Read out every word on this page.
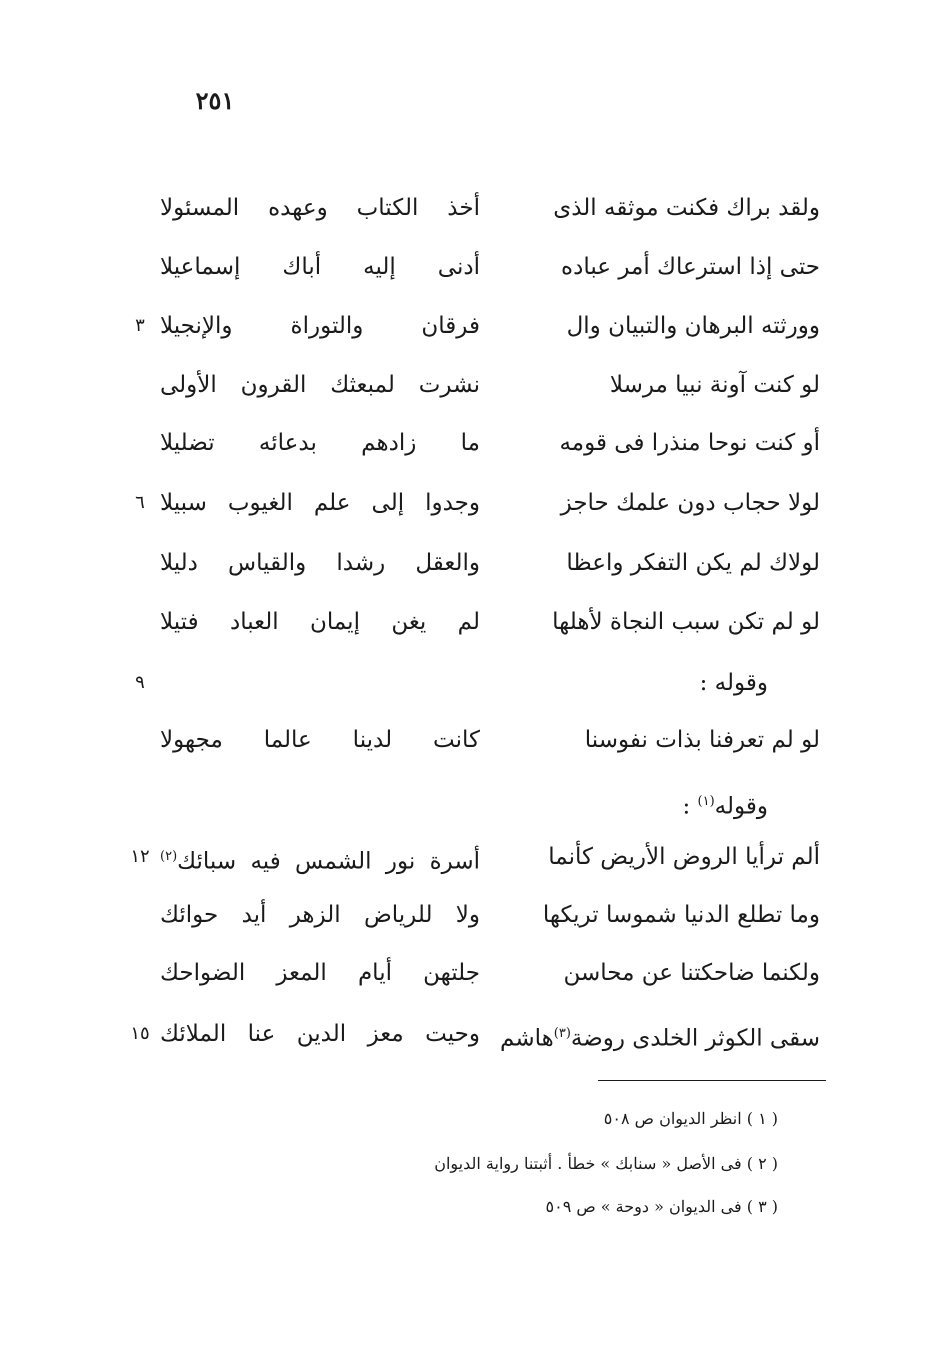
٢٥١
ولقد براك فكنت موثقه الذى
أخذ الكتاب وعهده المسئولا
حتى إذا استرعاك أمر عباده
أدنى إليه أباك إسماعيلا
وورثته البرهان والتبيان وال
فرقان والتوراة والإنجيلا
٣
لو كنت آونة نبيا مرسلا
نشرت لمبعثك القرون الأولى
أو كنت نوحا منذرا فى قومه
ما زادهم بدعائه تضليلا
لولا حجاب دون علمك حاجز
وجدوا إلى علم الغيوب سبيلا
٦
لولاك لم يكن التفكر واعظا
والعقل رشدا والقياس دليلا
لو لم تكن سبب النجاة لأهلها
لم يغن إيمان العباد فتيلا
وقوله :
٩
لو لم تعرفنا بذات نفوسنا
كانت لدينا عالما مجهولا
وقوله$^{(١)}$ :
ألم ترأيا الروض الأريض كأنما
أسرة نور الشمس فيه سبائك$^{(٢)}$
١٢
وما تطلع الدنيا شموسا تريكها
ولا للرياض الزهر أيد حوائك
ولكنما ضاحكتنا عن محاسن
جلتهن أيام المعز الضواحك
سقى الكوثر الخلدى روضة$^{(٣)}$هاشم
وحيت معز الدين عنا الملائك
١٥
( ١ ) انظر الديوان ص ٥٠٨
( ٢ ) فى الأصل « سنابك » خطأ . أثبتنا رواية الديوان
( ٣ ) فى الديوان « دوحة » ص ٥٠٩
